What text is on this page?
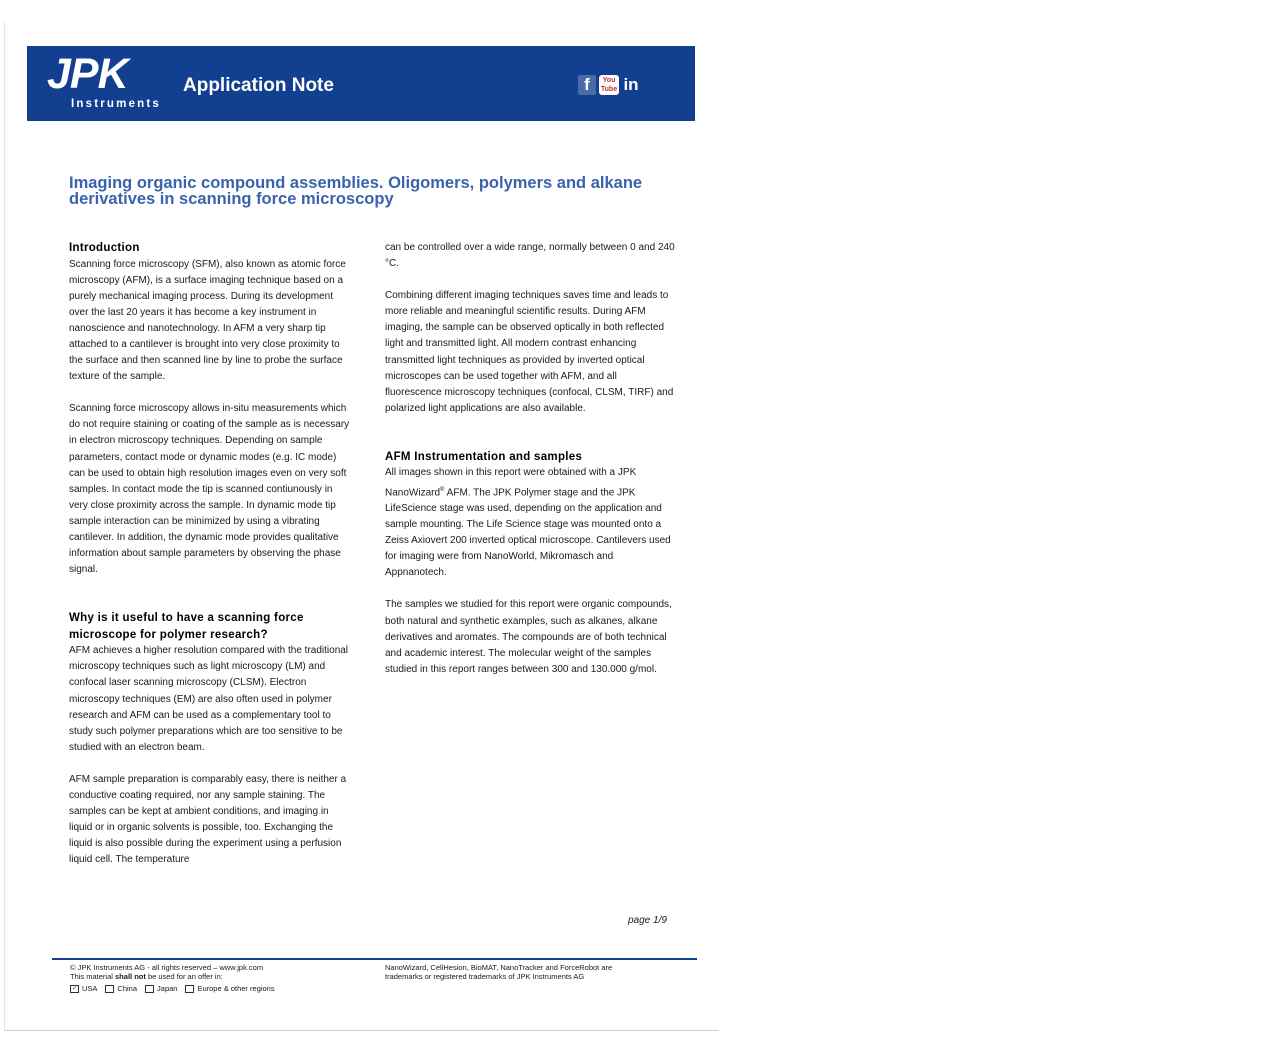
JPK
Instruments
Application Note	f	You Tube in
Imaging organic compound assemblies. Oligomers, polymers and alkane derivatives in scanning force microscopy
Introduction

Scanning force microscopy (SFM), also known as atomic force microscopy (AFM), is a surface imaging technique based on a purely mechanical imaging process. During its development over the last 20 years it has become a key instrument in nanoscience and nanotechnology. In AFM a very sharp tip attached to a cantilever is brought into very close proximity to the surface and then scanned line by line to probe the surface texture of the sample.

Scanning force microscopy allows in-situ measurements which do not require staining or coating of the sample as is necessary in electron microscopy techniques. Depending on sample parameters, contact mode or dynamic modes (e.g. IC mode) can be used to obtain high resolution images even on very soft samples. In contact mode the tip is scanned contiunously in very close proximity across the sample. In dynamic mode tip sample interaction can be minimized by using a vibrating cantilever. In addition, the dynamic mode provides qualitative information about sample parameters by observing the phase signal.

Why is it useful to have a scanning force microscope for polymer research?

AFM achieves a higher resolution compared with the traditional microscopy techniques such as light microscopy (LM) and confocal laser scanning microscopy (CLSM). Electron microscopy techniques (EM) are also often used in polymer research and AFM can be used as a complementary tool to study such polymer preparations which are too sensitive to be studied with an electron beam.

AFM sample preparation is comparably easy, there is neither a conductive coating required, nor any sample staining. The samples can be kept at ambient conditions, and imaging in liquid or in organic solvents is possible, too. Exchanging the liquid is also possible during the experiment using a perfusion liquid cell. The temperature

can be controlled over a wide range, normally between 0 and 240 °C.

Combining different imaging techniques saves time and leads to more reliable and meaningful scientific results. During AFM imaging, the sample can be observed optically in both reflected light and transmitted light. All modern contrast enhancing transmitted light techniques as provided by inverted optical microscopes can be used together with AFM, and all fluorescence microscopy techniques (confocal, CLSM, TIRF) and polarized light applications are also available.

AFM Instrumentation and samples

All images shown in this report were obtained with a JPK NanoWizard® AFM. The JPK Polymer stage and the JPK LifeScience stage was used, depending on the application and sample mounting. The Life Science stage was mounted onto a Zeiss Axiovert 200 inverted optical microscope. Cantilevers used for imaging were from NanoWorld, Mikromasch and Appnanotech.

The samples we studied for this report were organic compounds, both natural and synthetic examples, such as alkanes, alkane derivatives and aromates. The compounds are of both technical and academic interest. The molecular weight of the samples studied in this report ranges between 300 and 130.000 g/mol.

page 1/9
© JPK Instruments AG - all rights reserved – www.jpk.com
This material shall not be used for an offer in:
✓ USA	China	Japan	Europe & other regions
NanoWizard, CellHesion, BioMAT, NanoTracker and ForceRobot are
trademarks or registered trademarks of JPK Instruments AG
